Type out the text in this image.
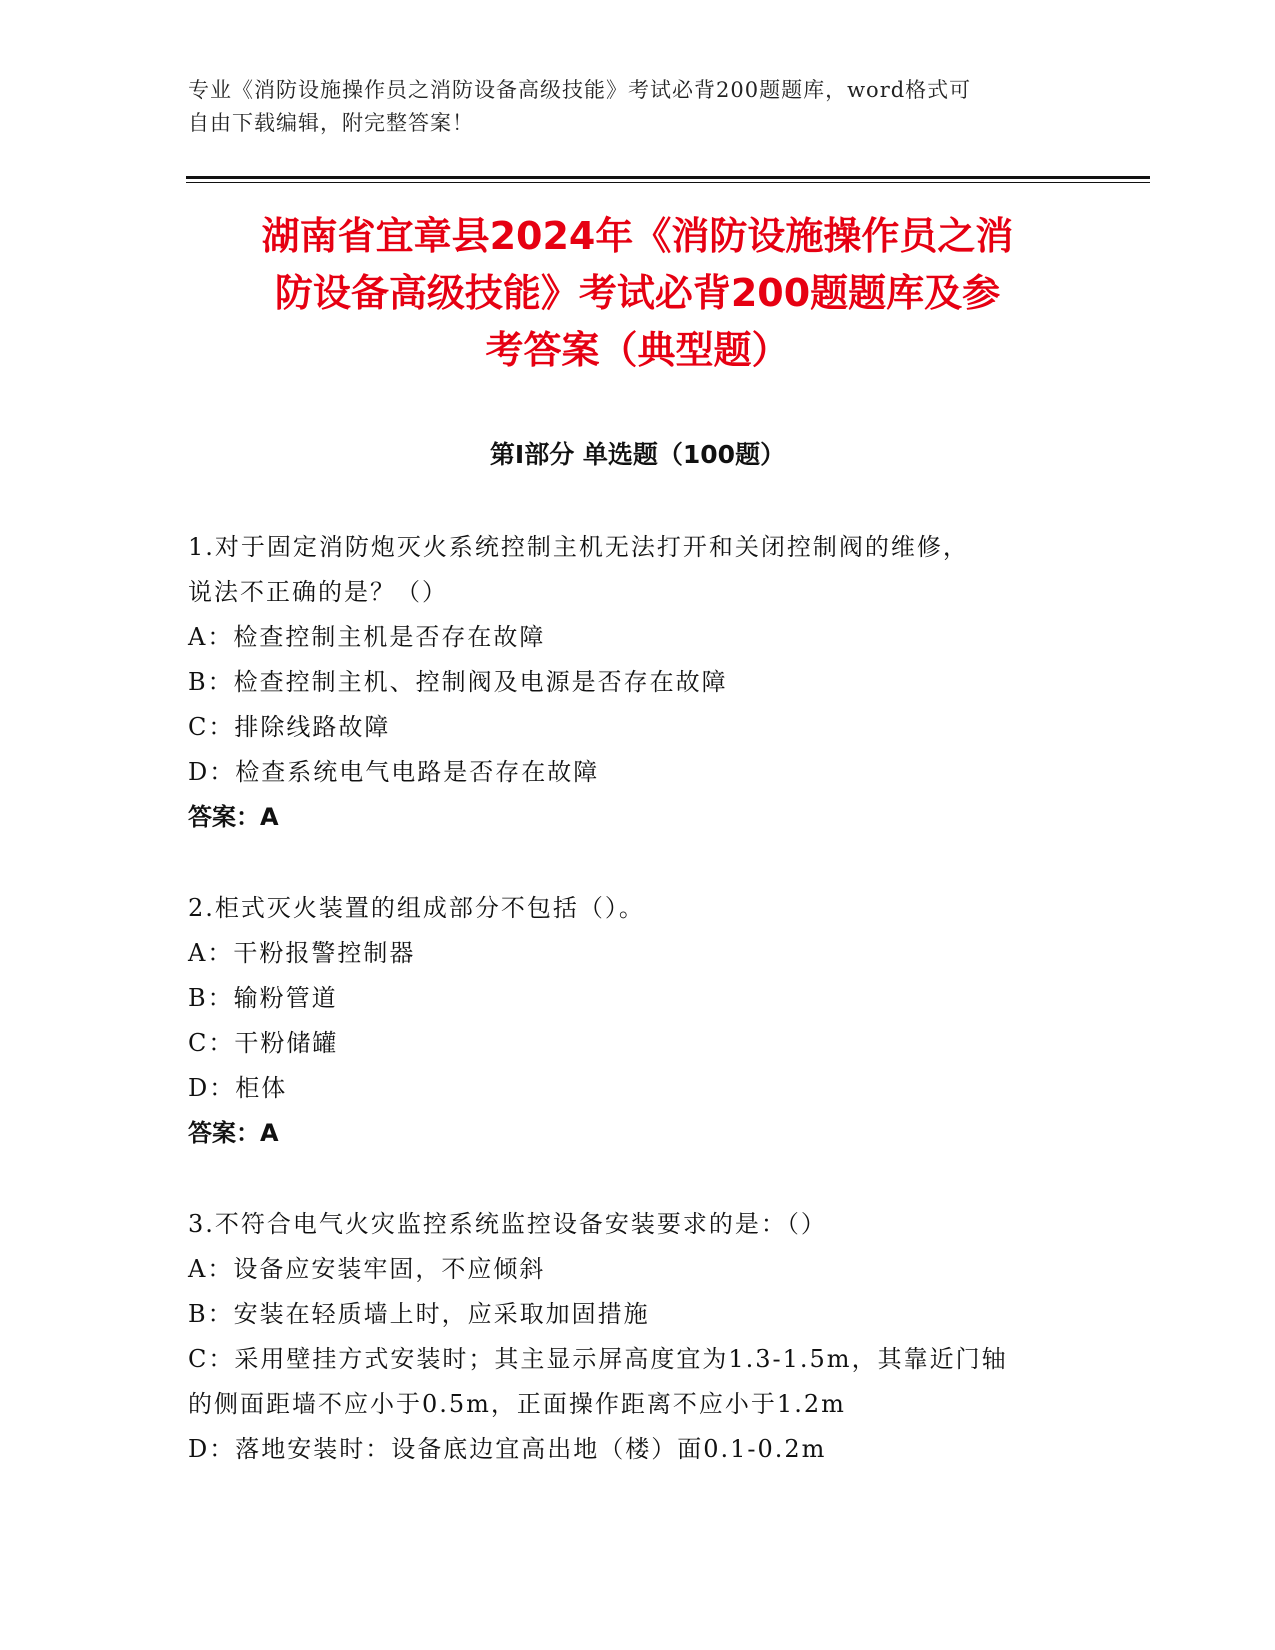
专业《消防设施操作员之消防设备高级技能》考试必背200题题库，word格式可
自由下载编辑，附完整答案！
湖南省宜章县2024年《消防设施操作员之消
防设备高级技能》考试必背200题题库及参
考答案（典型题）
第Ⅰ部分 单选题（100题）
1.对于固定消防炮灭火系统控制主机无法打开和关闭控制阀的维修，
说法不正确的是？（）
A：检查控制主机是否存在故障
B：检查控制主机、控制阀及电源是否存在故障
C：排除线路故障
D：检查系统电气电路是否存在故障
答案：A
2.柜式灭火装置的组成部分不包括（）。
A：干粉报警控制器
B：输粉管道
C：干粉储罐
D：柜体
答案：A
3.不符合电气火灾监控系统监控设备安装要求的是：（）
A：设备应安装牢固，不应倾斜
B：安装在轻质墙上时，应采取加固措施
C：采用壁挂方式安装时；其主显示屏高度宜为1.3-1.5m，其靠近门轴
的侧面距墙不应小于0.5m，正面操作距离不应小于1.2m
D：落地安装时：设备底边宜高出地（楼）面0.1-0.2m
